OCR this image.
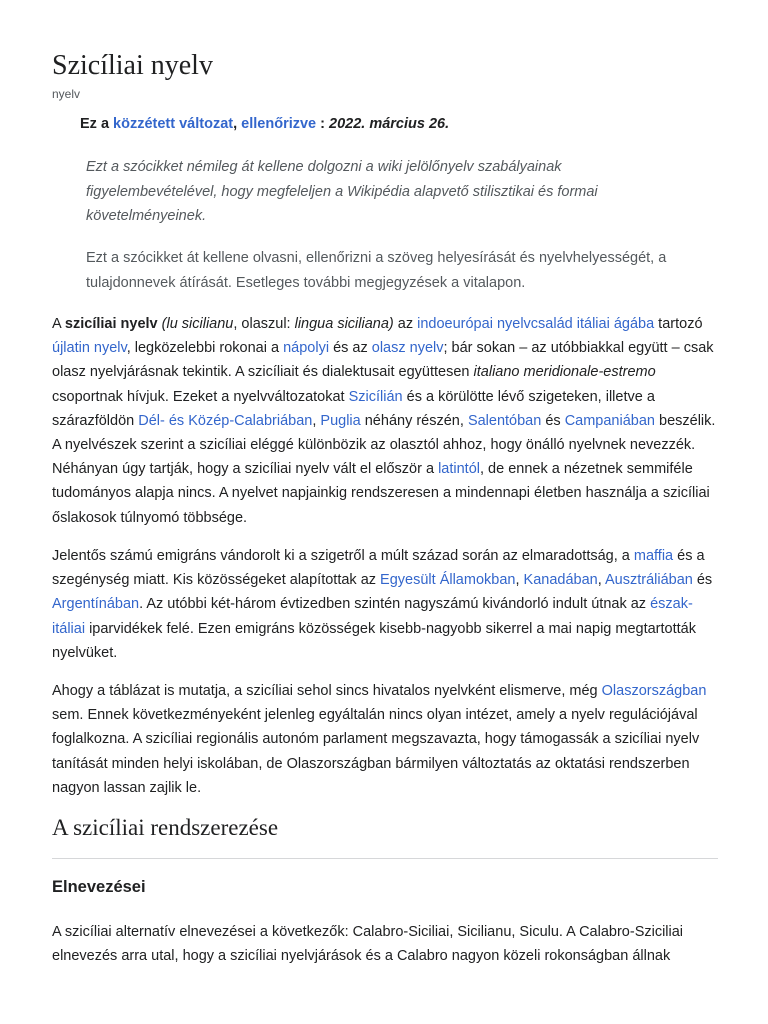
Szicíliai nyelv

nyelv

Ez a közzétett változat, ellenőrizve : 2022. március 26.

Ezt a szócikket némileg át kellene dolgozni a wiki jelölőnyelv szabályainak figyelembevételével, hogy megfeleljen a Wikipédia alapvető stilisztikai és formai követelményeinek.

Ezt a szócikket át kellene olvasni, ellenőrizni a szöveg helyesírását és nyelvhelyességét, a tulajdonnevek átírását. Esetleges további megjegyzések a vitalapon.

A szicíliai nyelv (lu sicilianu, olaszul: lingua siciliana) az indoeurópai nyelvcsalád itáliai ágába tartozó újlatin nyelv, legközelebbi rokonai a nápolyi és az olasz nyelv; bár sokan – az utóbbiakkal együtt – csak olasz nyelvjárásnak tekintik. A szicíliait és dialektusait együttesen italiano meridionale-estremo csoportnak hívjuk. Ezeket a nyelvváltozatokat Szicílián és a körülötte lévő szigeteken, illetve a szárazföldön Dél- és Közép-Calabriában, Puglia néhány részén, Salentóban és Campaniában beszélik. A nyelvészek szerint a szicíliai eléggé különbözik az olasztól ahhoz, hogy önálló nyelvnek nevezzék. Néhányan úgy tartják, hogy a szicíliai nyelv vált el először a latintól, de ennek a nézetnek semmiféle tudományos alapja nincs. A nyelvet napjainkig rendszeresen a mindennapi életben használja a szicíliai őslakosok túlnyomó többsége.

Jelentős számú emigráns vándorolt ki a szigetről a múlt század során az elmaradottság, a maffia és a szegénység miatt. Kis közösségeket alapítottak az Egyesült Államokban, Kanadában, Ausztráliában és Argentínában. Az utóbbi két-három évtizedben szintén nagyszámú kivándorló indult útnak az észak-itáliai iparvidékek felé. Ezen emigráns közösségek kisebb-nagyobb sikerrel a mai napig megtartották nyelvüket.

Ahogy a táblázat is mutatja, a szicíliai sehol sincs hivatalos nyelvként elismerve, még Olaszországban sem. Ennek következményeként jelenleg egyáltalán nincs olyan intézet, amely a nyelv regulációjával foglalkozna. A szicíliai regionális autonóm parlament megszavazta, hogy támogassák a szicíliai nyelv tanítását minden helyi iskolában, de Olaszországban bármilyen változtatás az oktatási rendszerben nagyon lassan zajlik le.

A szicíliai rendszerezése
Elnevezései

A szicíliai alternatív elnevezései a következők: Calabro-Siciliai, Sicilianu, Siculu. A Calabro-Sziciliai elnevezés arra utal, hogy a szicíliai nyelvjárások és a Calabro nagyon közeli rokonságban állnak
